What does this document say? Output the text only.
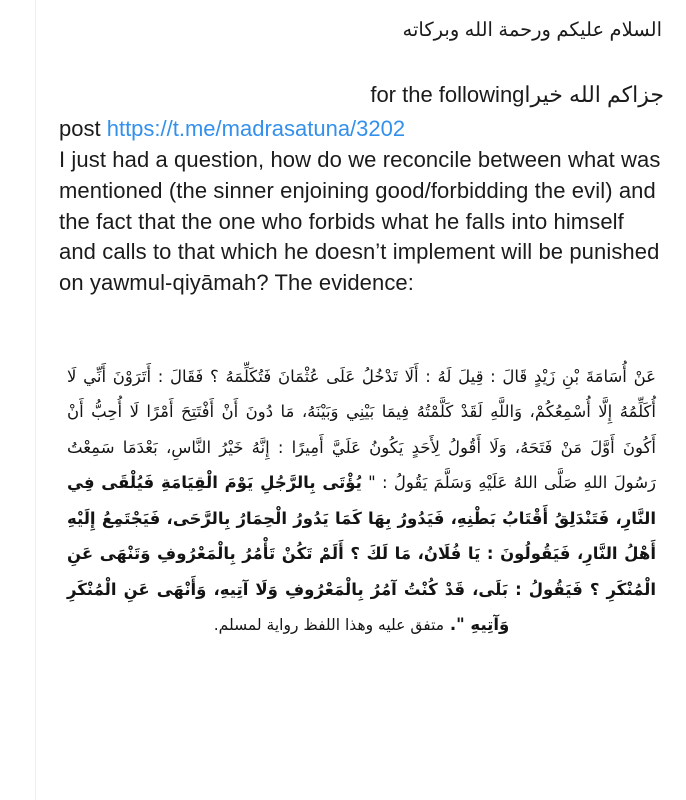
السلام عليكم ورحمة الله وبركاته

جزاكم الله خيراfor the following

post https://t.me/madrasatuna/3202

I just had a question, how do we reconcile between what was mentioned (the sinner enjoining good/forbidding the evil) and the fact that the one who forbids what he falls into himself and calls to that which he doesn’t implement will be punished on yawmul-qiyāmah? The evidence:

عَنْ أُسَامَةَ بْنِ زَيْدٍ قَالَ : قِيلَ لَهُ : أَلَا تَدْخُلُ عَلَى عُثْمَانَ فَتُكَلِّمَهُ ؟ فَقَالَ : أَتَرَوْنَ أَنِّي لَا أُكَلِّمُهُ إِلَّا أُسْمِعُكُمْ، وَاللَّهِ لَقَدْ كَلَّمْتُهُ فِيمَا بَيْنِي وَبَيْنَهُ، مَا دُونَ أَنْ أَفْتَتِحَ أَمْرًا لَا أُحِبُّ أَنْ أَكُونَ أَوَّلَ مَنْ فَتَحَهُ، وَلَا أَقُولُ لِأَحَدٍ يَكُونُ عَلَيَّ أَمِيرًا : إِنَّهُ خَيْرُ النَّاسِ، بَعْدَمَا سَمِعْتُ رَسُولَ اللهِ صَلَّى اللهُ عَلَيْهِ وَسَلَّمَ يَقُولُ : " يُؤْتَى بِالرَّجُلِ يَوْمَ الْقِيَامَةِ فَيُلْقَى فِي النَّارِ، فَتَنْدَلِقُ أَقْتَابُ بَطْنِهِ، فَيَدُورُ بِهَا كَمَا يَدُورُ الْحِمَارُ بِالرَّحَى، فَيَجْتَمِعُ إِلَيْهِ أَهْلُ النَّارِ، فَيَقُولُونَ : يَا فُلَانُ، مَا لَكَ ؟ أَلَمْ تَكُنْ تَأْمُرُ بِالْمَعْرُوفِ وَتَنْهَى عَنِ الْمُنْكَرِ ؟ فَيَقُولُ : بَلَى، قَدْ كُنْتُ آمُرُ بِالْمَعْرُوفِ وَلَا آتِيهِ، وَأَنْهَى عَنِ الْمُنْكَرِ وَآتِيهِ ". متفق عليه وهذا اللفظ رواية لمسلم.
